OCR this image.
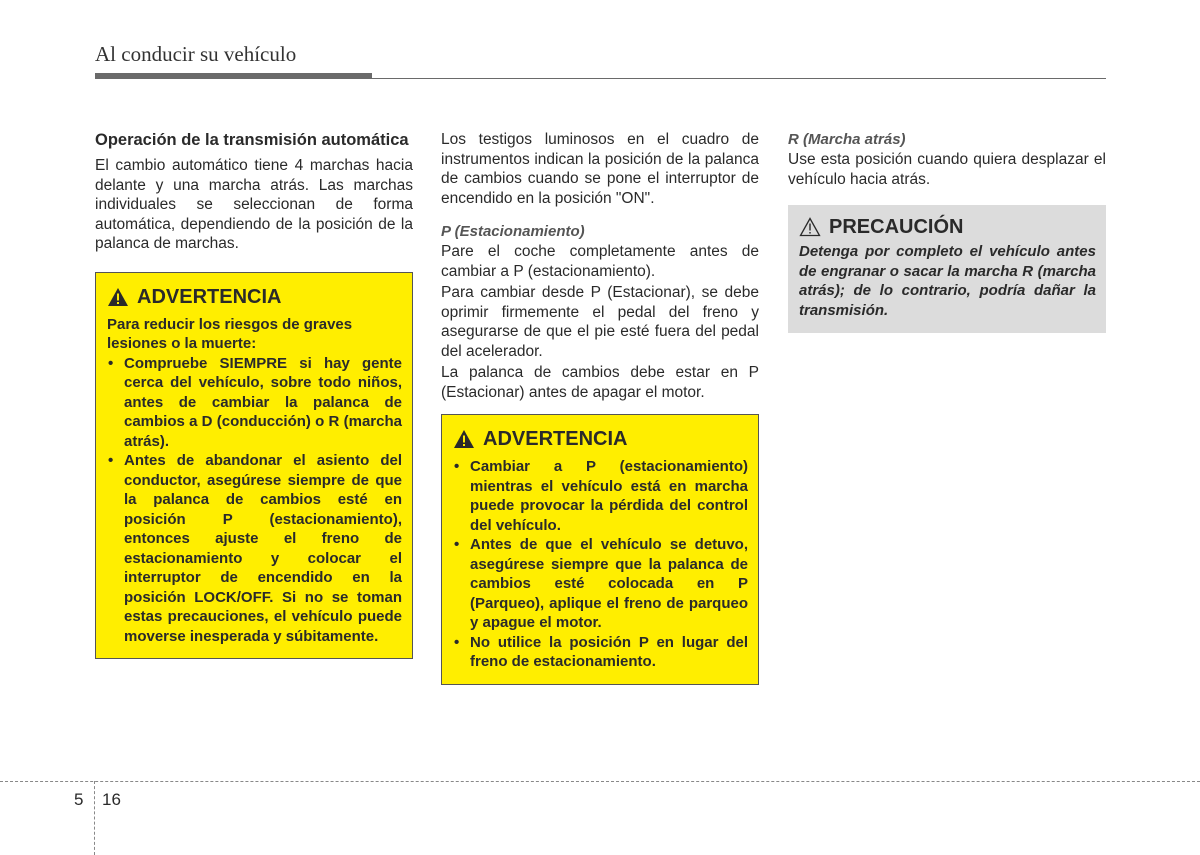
Al conducir su vehículo
Operación de la transmisión automática
El cambio automático tiene 4 marchas hacia delante y una marcha atrás. Las marchas individuales se seleccionan de forma automática, dependiendo de la posición de la palanca de marchas.
ADVERTENCIA
Para reducir los riesgos de graves lesiones o la muerte:
• Compruebe SIEMPRE si hay gente cerca del vehículo, sobre todo niños, antes de cambiar la palanca de cambios a D (conducción) o R (marcha atrás).
• Antes de abandonar el asiento del conductor, asegúrese siempre de que la palanca de cambios esté en posición P (estacionamiento), entonces ajuste el freno de estacionamiento y colocar el interruptor de encendido en la posición LOCK/OFF. Si no se toman estas precauciones, el vehículo puede moverse inesperada y súbitamente.
Los testigos luminosos en el cuadro de instrumentos indican la posición de la palanca de cambios cuando se pone el interruptor de encendido en la posición "ON".
P (Estacionamiento)
Pare el coche completamente antes de cambiar a P (estacionamiento).
Para cambiar desde P (Estacionar), se debe oprimir firmemente el pedal del freno y asegurarse de que el pie esté fuera del pedal del acelerador.
La palanca de cambios debe estar en P (Estacionar) antes de apagar el motor.
ADVERTENCIA
• Cambiar a P (estacionamiento) mientras el vehículo está en marcha puede provocar la pérdida del control del vehículo.
• Antes de que el vehículo se detuvo, asegúrese siempre que la palanca de cambios esté colocada en P (Parqueo), aplique el freno de parqueo y apague el motor.
• No utilice la posición P en lugar del freno de estacionamiento.
R (Marcha atrás)
Use esta posición cuando quiera desplazar el vehículo hacia atrás.
PRECAUCIÓN
Detenga por completo el vehículo antes de engranar o sacar la marcha R (marcha atrás); de lo contrario, podría dañar la transmisión.
5 16
